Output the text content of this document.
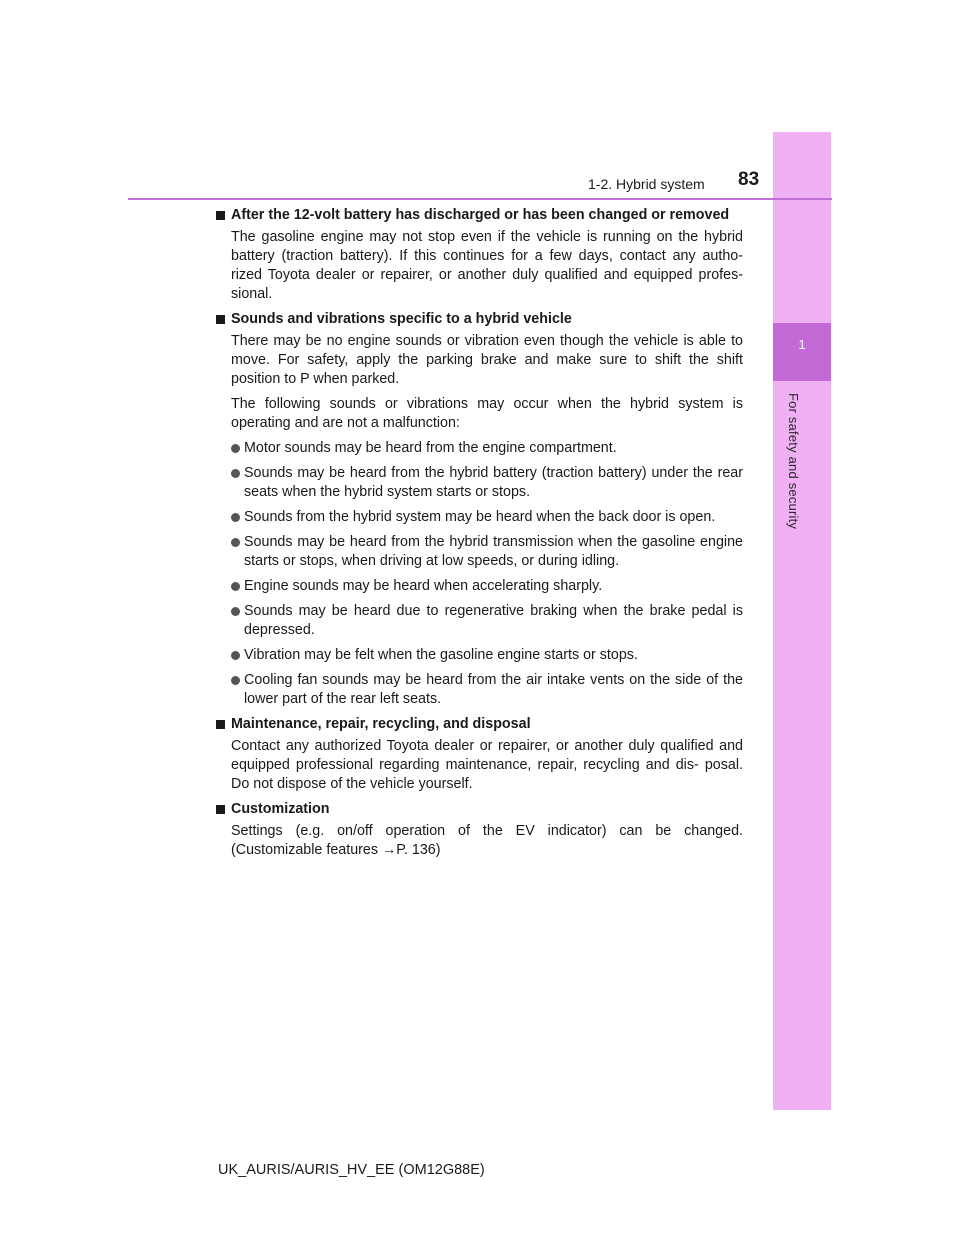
1
For safety and security
1-2. Hybrid system 83
After the 12-volt battery has discharged or has been changed or removed
The gasoline engine may not stop even if the vehicle is running on the hybrid battery (traction battery). If this continues for a few days, contact any autho- rized Toyota dealer or repairer, or another duly qualified and equipped profes- sional.
Sounds and vibrations specific to a hybrid vehicle
There may be no engine sounds or vibration even though the vehicle is able to move. For safety, apply the parking brake and make sure to shift the shift position to P when parked.
The following sounds or vibrations may occur when the hybrid system is operating and are not a malfunction:
Motor sounds may be heard from the engine compartment.
Sounds may be heard from the hybrid battery (traction battery) under the rear seats when the hybrid system starts or stops.
Sounds from the hybrid system may be heard when the back door is open.
Sounds may be heard from the hybrid transmission when the gasoline engine starts or stops, when driving at low speeds, or during idling.
Engine sounds may be heard when accelerating sharply.
Sounds may be heard due to regenerative braking when the brake pedal is depressed.
Vibration may be felt when the gasoline engine starts or stops.
Cooling fan sounds may be heard from the air intake vents on the side of the lower part of the rear left seats.
Maintenance, repair, recycling, and disposal
Contact any authorized Toyota dealer or repairer, or another duly qualified and equipped professional regarding maintenance, repair, recycling and dis- posal. Do not dispose of the vehicle yourself.
Customization
Settings (e.g. on/off operation of the EV indicator) can be changed. (Customizable features →P. 136)
UK_AURIS/AURIS_HV_EE (OM12G88E)
